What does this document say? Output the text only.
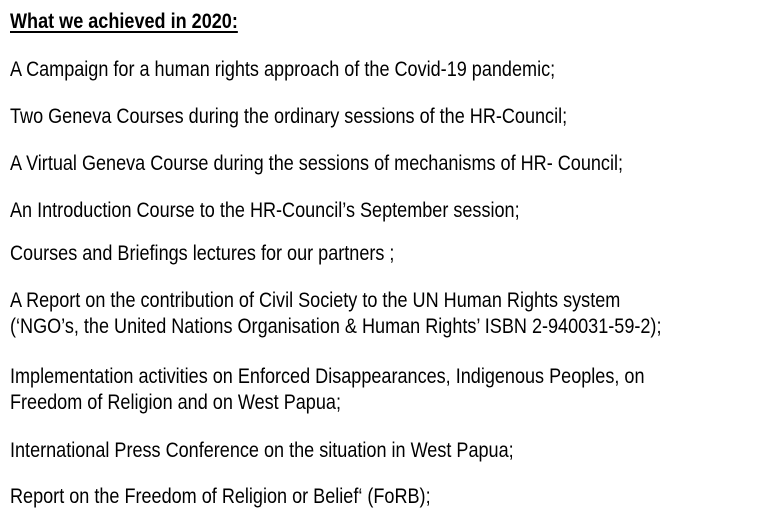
What we achieved in 2020:
A Campaign for a human rights approach of the Covid-19 pandemic;
Two Geneva Courses during the ordinary sessions of the HR-Council;
A Virtual Geneva Course during the sessions of mechanisms of HR- Council;
An Introduction Course to the HR-Council’s September session;
Courses and Briefings lectures for our partners ;
A Report on the contribution of Civil Society to the UN Human Rights system
(‘NGO’s, the United Nations Organisation & Human Rights’ ISBN 2-940031-59-2);
Implementation activities on Enforced Disappearances, Indigenous Peoples, on
Freedom of Religion and on West Papua;
International Press Conference on the situation in West Papua;
Report on the Freedom of Religion or Belief‘ (FoRB);
